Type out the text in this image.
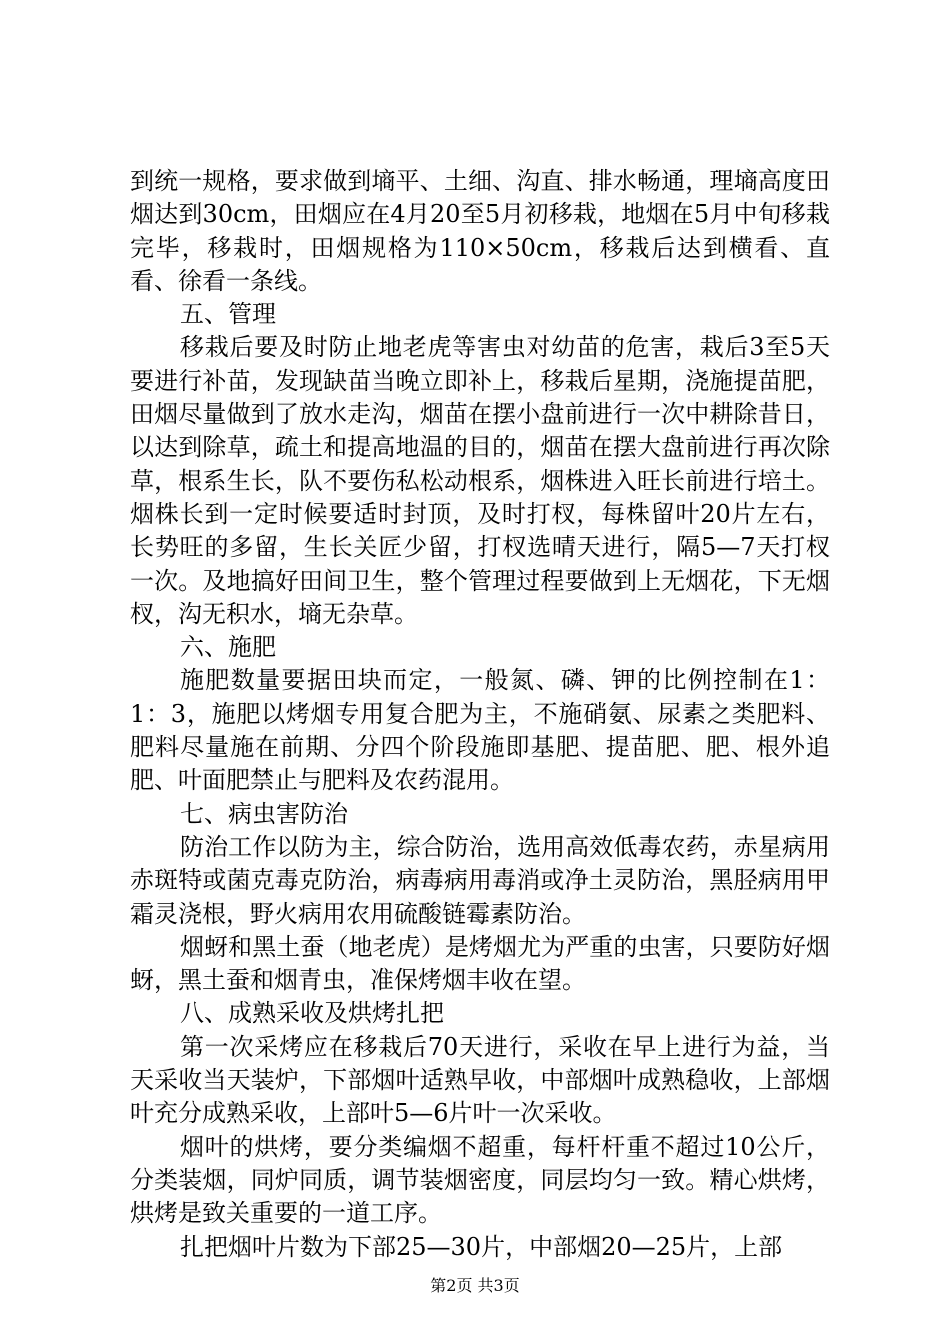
到统一规格，要求做到墒平、土细、沟直、排水畅通，理墒高度田烟达到30cm，田烟应在4月20至5月初移栽，地烟在5月中旬移栽完毕，移栽时，田烟规格为110×50cm，移栽后达到横看、直看、徐看一条线。

五、管理

移栽后要及时防止地老虎等害虫对幼苗的危害，栽后3至5天要进行补苗，发现缺苗当晚立即补上，移栽后星期，浇施提苗肥，田烟尽量做到了放水走沟，烟苗在摆小盘前进行一次中耕除昔日，以达到除草，疏土和提高地温的目的，烟苗在摆大盘前进行再次除草，根系生长，队不要伤私松动根系，烟株进入旺长前进行培土。烟株长到一定时候要适时封顶，及时打杈，每株留叶20片左右，长势旺的多留，生长关匠少留，打杈选晴天进行，隔5—7天打杈一次。及地搞好田间卫生，整个管理过程要做到上无烟花，下无烟杈，沟无积水，墒无杂草。

六、施肥

施肥数量要据田块而定，一般氮、磷、钾的比例控制在1：1：3，施肥以烤烟专用复合肥为主，不施硝氨、尿素之类肥料、肥料尽量施在前期、分四个阶段施即基肥、提苗肥、肥、根外追肥、叶面肥禁止与肥料及农药混用。

七、病虫害防治

防治工作以防为主，综合防治，选用高效低毒农药，赤星病用赤斑特或菌克毒克防治，病毒病用毒消或净土灵防治，黑胫病用甲霜灵浇根，野火病用农用硫酸链霉素防治。

烟蚜和黑土蚕（地老虎）是烤烟尤为严重的虫害，只要防好烟蚜，黑土蚕和烟青虫，准保烤烟丰收在望。

八、成熟采收及烘烤扎把

第一次采烤应在移栽后70天进行，采收在早上进行为益，当天采收当天装炉，下部烟叶适熟早收，中部烟叶成熟稳收，上部烟叶充分成熟采收，上部叶5—6片叶一次采收。

烟叶的烘烤，要分类编烟不超重，每杆杆重不超过10公斤，分类装烟，同炉同质，调节装烟密度，同层均匀一致。精心烘烤，烘烤是致关重要的一道工序。

扎把烟叶片数为下部25—30片，中部烟20—25片，上部

第2页 共3页
